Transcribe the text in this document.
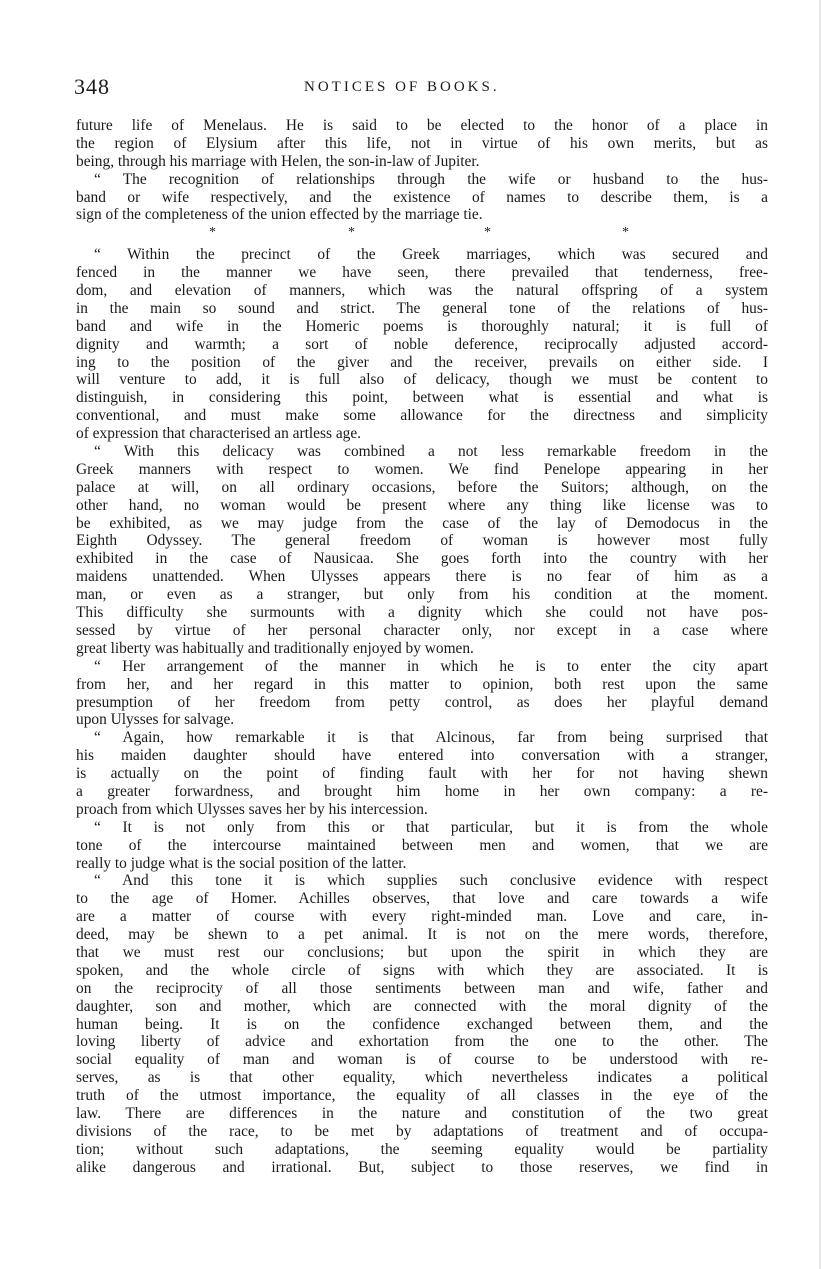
348	NOTICES OF BOOKS.
future life of Menelaus. He is said to be elected to the honor of a place in
the region of Elysium after this life, not in virtue of his own merits, but as
being, through his marriage with Helen, the son-in-law of Jupiter.
“ The recognition of relationships through the wife or husband to the hus-
band or wife respectively, and the existence of names to describe them, is a
sign of the completeness of the union effected by the marriage tie.
*	*	*	*
“ Within the precinct of the Greek marriages, which was secured and
fenced in the manner we have seen, there prevailed that tenderness, free-
dom, and elevation of manners, which was the natural offspring of a system
in the main so sound and strict. The general tone of the relations of hus-
band and wife in the Homeric poems is thoroughly natural; it is full of
dignity and warmth; a sort of noble deference, reciprocally adjusted accord-
ing to the position of the giver and the receiver, prevails on either side. I
will venture to add, it is full also of delicacy, though we must be content to
distinguish, in considering this point, between what is essential and what is
conventional, and must make some allowance for the directness and simplicity
of expression that characterised an artless age.
“ With this delicacy was combined a not less remarkable freedom in the
Greek manners with respect to women. We find Penelope appearing in her
palace at will, on all ordinary occasions, before the Suitors; although, on the
other hand, no woman would be present where any thing like license was to
be exhibited, as we may judge from the case of the lay of Demodocus in the
Eighth Odyssey. The general freedom of woman is however most fully
exhibited in the case of Nausicaa. She goes forth into the country with her
maidens unattended. When Ulysses appears there is no fear of him as a
man, or even as a stranger, but only from his condition at the moment.
This difficulty she surmounts with a dignity which she could not have pos-
sessed by virtue of her personal character only, nor except in a case where
great liberty was habitually and traditionally enjoyed by women.
“ Her arrangement of the manner in which he is to enter the city apart
from her, and her regard in this matter to opinion, both rest upon the same
presumption of her freedom from petty control, as does her playful demand
upon Ulysses for salvage.
“ Again, how remarkable it is that Alcinous, far from being surprised that
his maiden daughter should have entered into conversation with a stranger,
is actually on the point of finding fault with her for not having shewn
a greater forwardness, and brought him home in her own company: a re-
proach from which Ulysses saves her by his intercession.
“ It is not only from this or that particular, but it is from the whole
tone of the intercourse maintained between men and women, that we are
really to judge what is the social position of the latter.
“ And this tone it is which supplies such conclusive evidence with respect
to the age of Homer. Achilles observes, that love and care towards a wife
are a matter of course with every right-minded man. Love and care, in-
deed, may be shewn to a pet animal. It is not on the mere words, therefore,
that we must rest our conclusions; but upon the spirit in which they are
spoken, and the whole circle of signs with which they are associated. It is
on the reciprocity of all those sentiments between man and wife, father and
daughter, son and mother, which are connected with the moral dignity of the
human being. It is on the confidence exchanged between them, and the
loving liberty of advice and exhortation from the one to the other. The
social equality of man and woman is of course to be understood with re-
serves, as is that other equality, which nevertheless indicates a political
truth of the utmost importance, the equality of all classes in the eye of the
law. There are differences in the nature and constitution of the two great
divisions of the race, to be met by adaptations of treatment and of occupa-
tion; without such adaptations, the seeming equality would be partiality
alike dangerous and irrational. But, subject to those reserves, we find in
